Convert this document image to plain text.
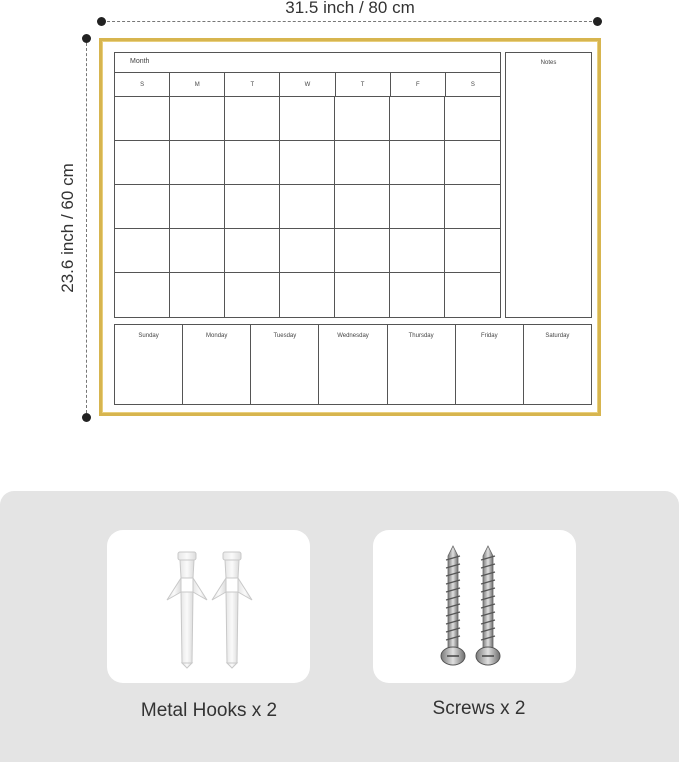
31.5 inch / 80 cm
23.6 inch / 60 cm
Month
S	M	T	W	T	F	S
Notes
Sunday	Monday	Tuesday	Wednesday	Thursday	Friday	Saturday
Metal Hooks x 2	Screws x 2
